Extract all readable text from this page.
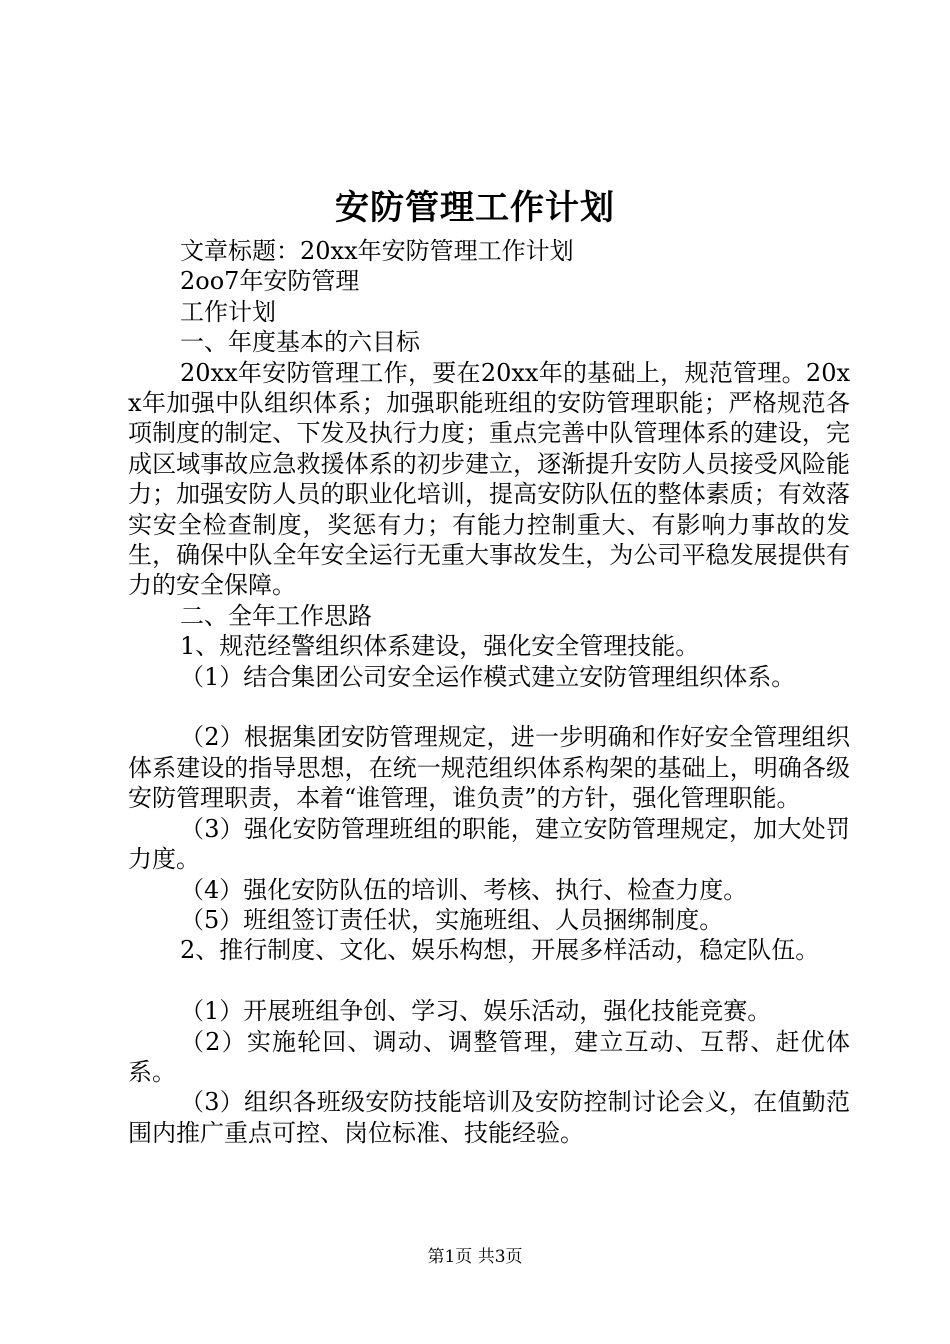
安防管理工作计划

文章标题：20xx年安防管理工作计划

2oo7年安防管理

工作计划

一、年度基本的六目标

20xx年安防管理工作，要在20xx年的基础上，规范管理。20xx年加强中队组织体系；加强职能班组的安防管理职能；严格规范各项制度的制定、下发及执行力度；重点完善中队管理体系的建设，完成区域事故应急救援体系的初步建立，逐渐提升安防人员接受风险能力；加强安防人员的职业化培训，提高安防队伍的整体素质；有效落实安全检查制度，奖惩有力；有能力控制重大、有影响力事故的发生，确保中队全年安全运行无重大事故发生，为公司平稳发展提供有力的安全保障。

二、全年工作思路

1、规范经警组织体系建设，强化安全管理技能。

（1）结合集团公司安全运作模式建立安防管理组织体系。

（2）根据集团安防管理规定，进一步明确和作好安全管理组织体系建设的指导思想，在统一规范组织体系构架的基础上，明确各级安防管理职责，本着“谁管理，谁负责”的方针，强化管理职能。

（3）强化安防管理班组的职能，建立安防管理规定，加大处罚力度。

（4）强化安防队伍的培训、考核、执行、检查力度。

（5）班组签订责任状，实施班组、人员捆绑制度。

2、推行制度、文化、娱乐构想，开展多样活动，稳定队伍。

（1）开展班组争创、学习、娱乐活动，强化技能竞赛。

（2）实施轮回、调动、调整管理，建立互动、互帮、赶优体系。

（3）组织各班级安防技能培训及安防控制讨论会义，在值勤范围内推广重点可控、岗位标准、技能经验。

第1页 共3页
